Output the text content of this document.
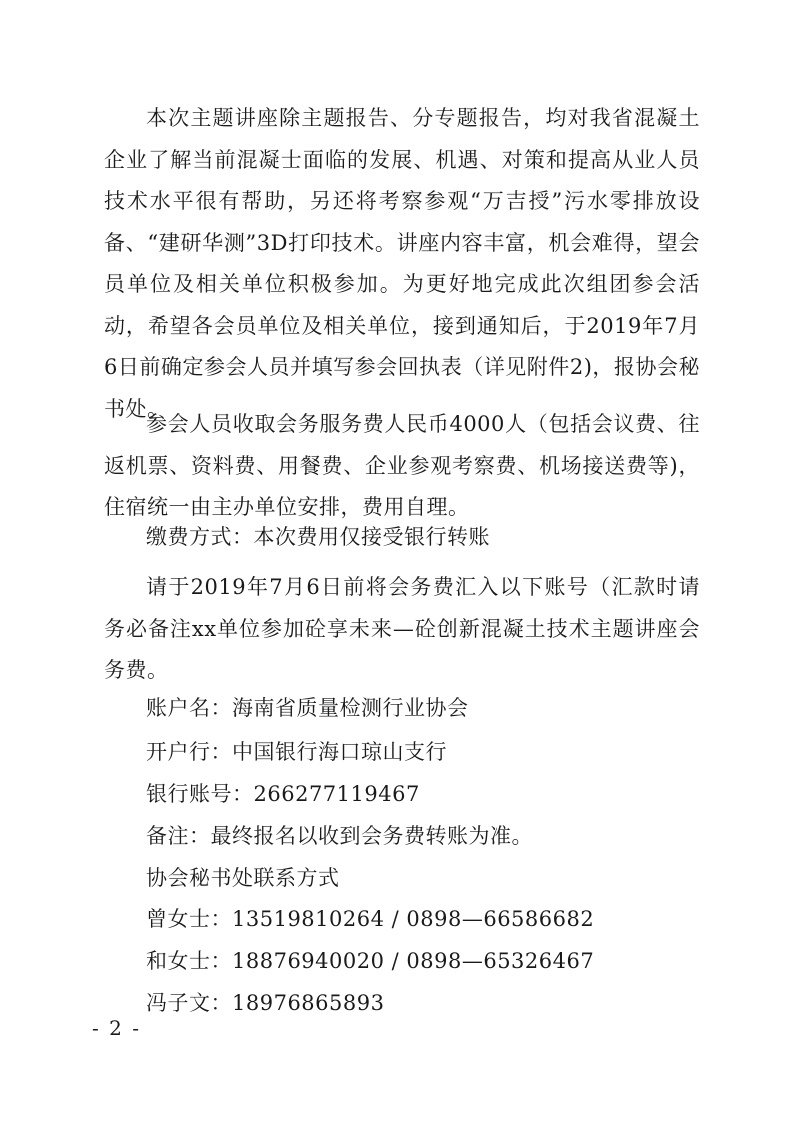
本次主题讲座除主题报告、分专题报告，均对我省混凝土企业了解当前混凝士面临的发展、机遇、对策和提高从业人员技术水平很有帮助，另还将考察参观“万吉授”污水零排放设备、“建研华测”3D打印技术。讲座内容丰富，机会难得，望会员单位及相关单位积极参加。为更好地完成此次组团参会活动，希望各会员单位及相关单位，接到通知后，于2019年7月6日前确定参会人员并填写参会回执表（详见附件2)，报协会秘书处。
参会人员收取会务服务费人民币4000人（包括会议费、往返机票、资料费、用餐费、企业参观考察费、机场接送费等)，住宿统一由主办单位安排，费用自理。
缴费方式：本次费用仅接受银行转账
请于2019年7月6日前将会务费汇入以下账号（汇款时请务必备注xx单位参加砼享未来—砼创新混凝土技术主题讲座会务费。
账户名：海南省质量检测行业协会
开户行：中国银行海口琼山支行
银行账号：266277119467
备注：最终报名以收到会务费转账为准。
协会秘书处联系方式
曾女士：13519810264 / 0898—66586682
和女士：18876940020 / 0898—65326467
冯子文：18976865893
- 2 -
